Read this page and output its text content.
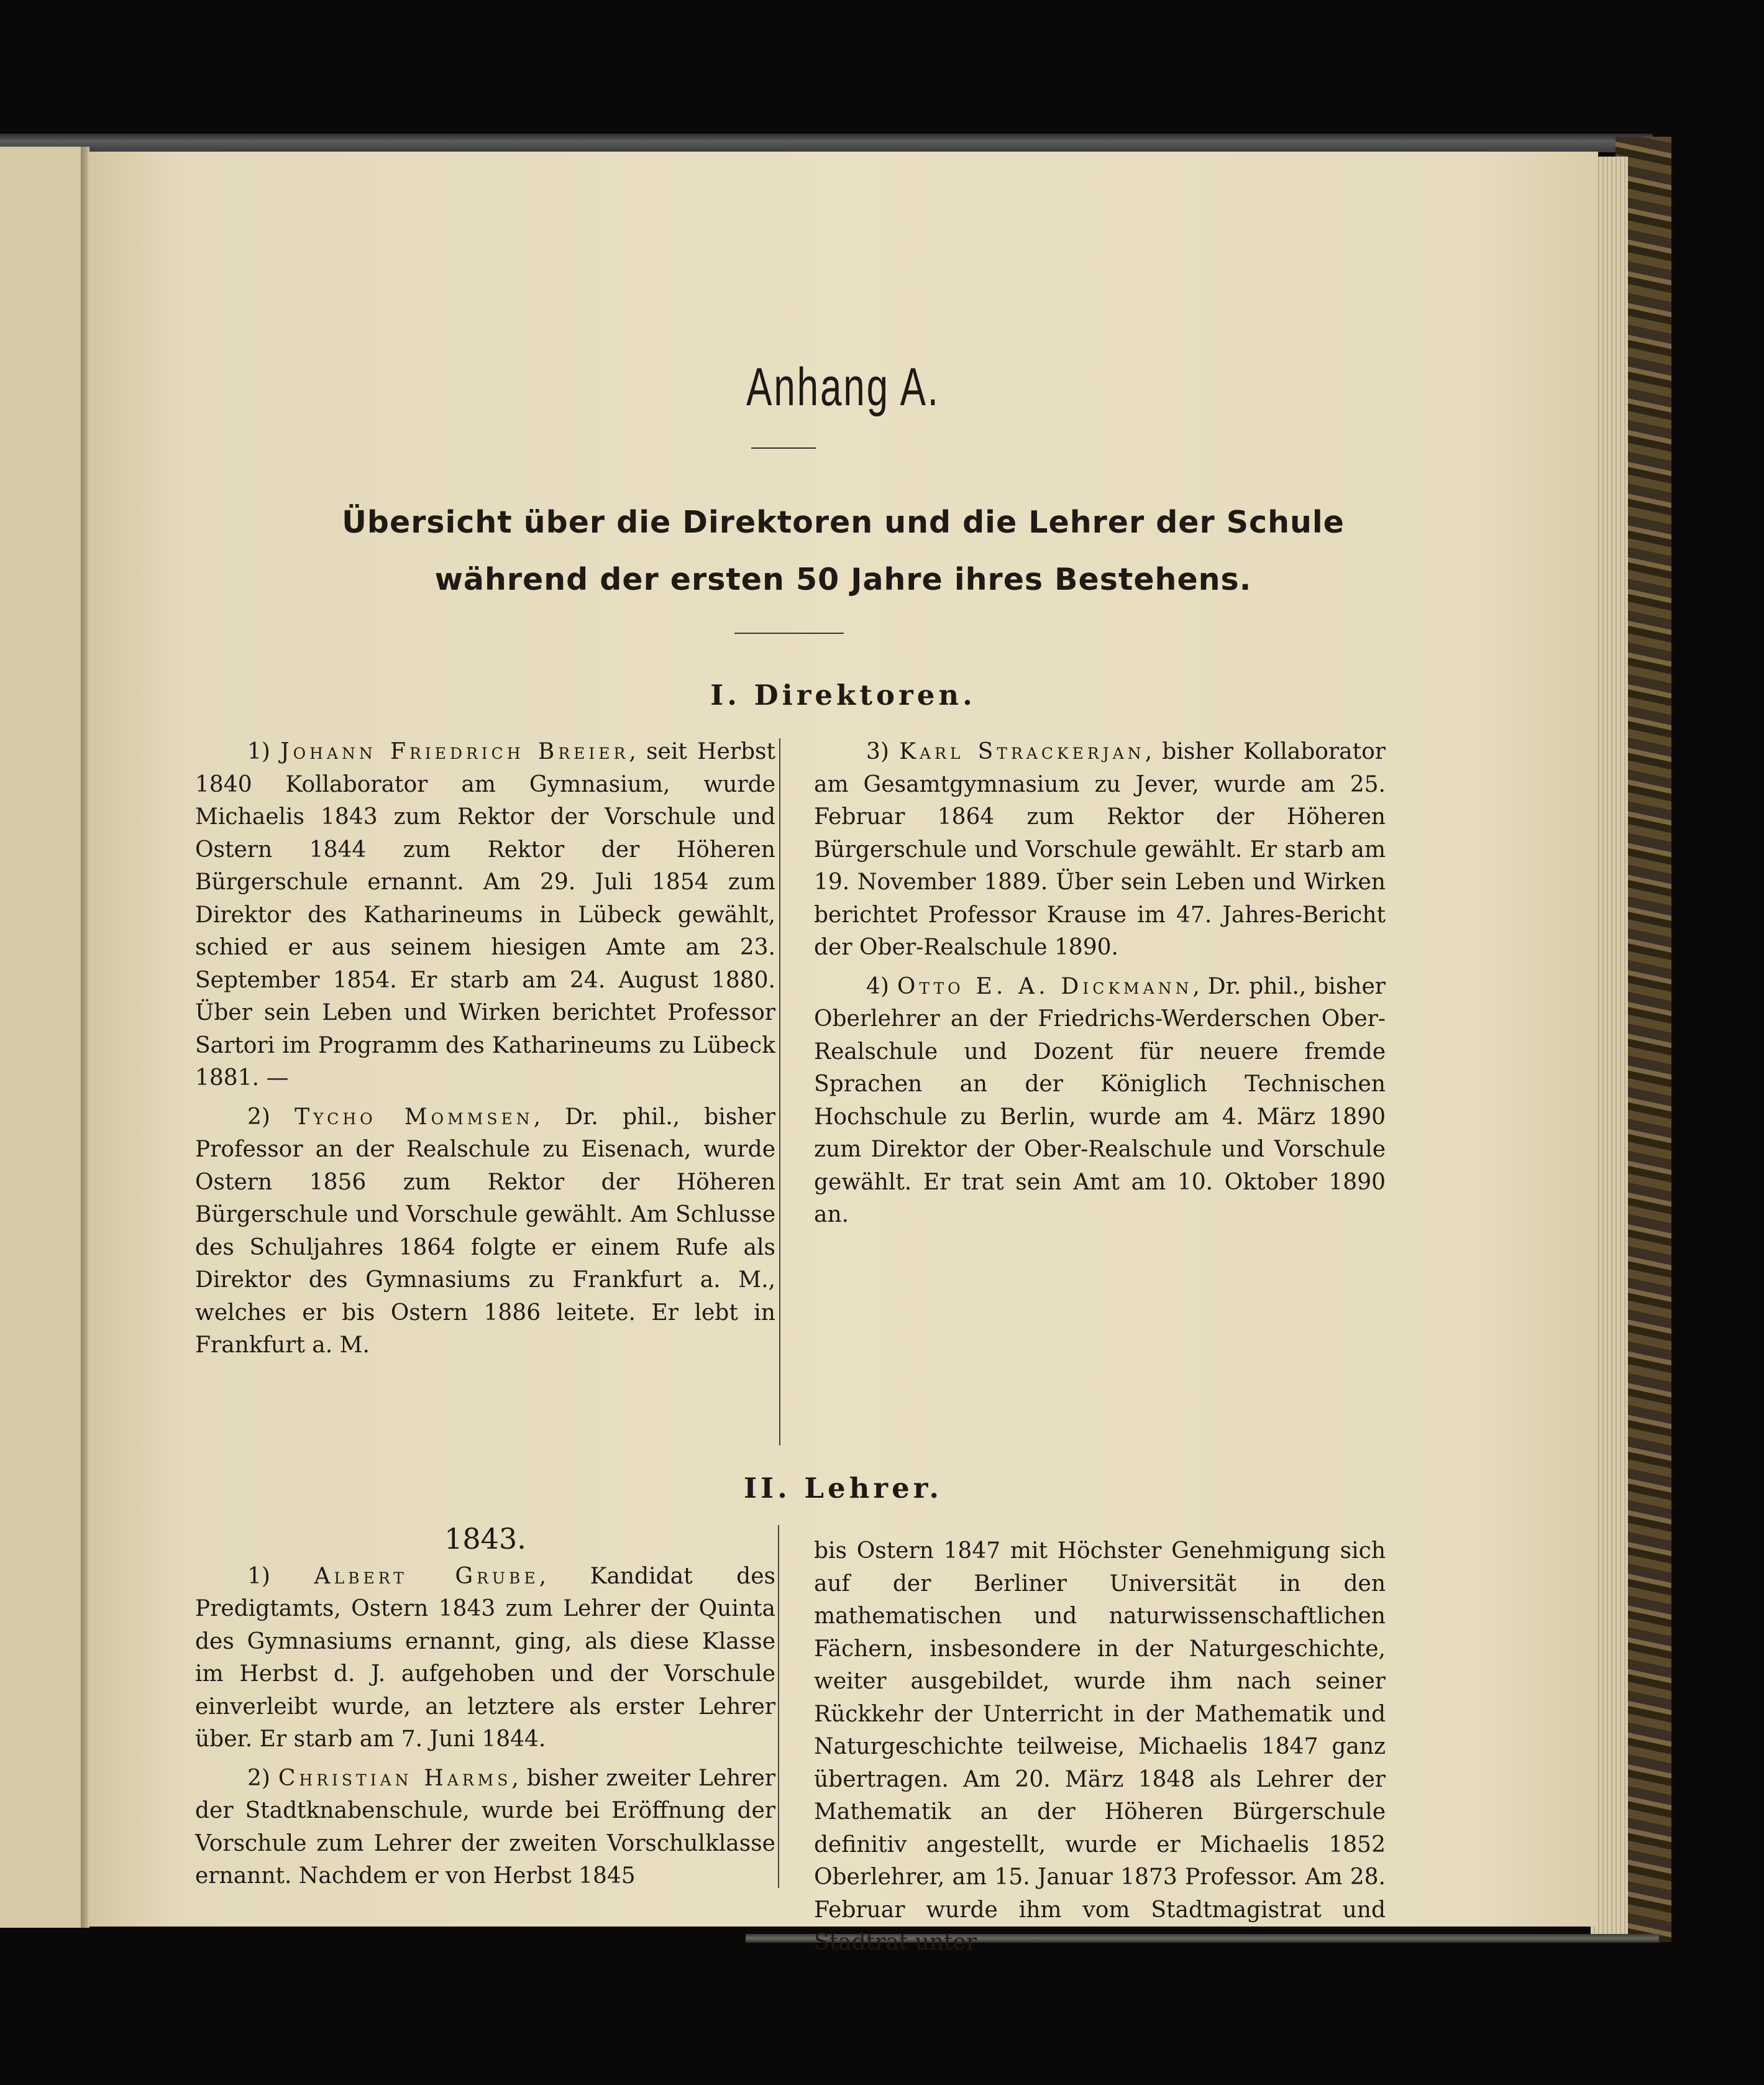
Anhang A.
Übersicht über die Direktoren und die Lehrer der Schule
während der ersten 50 Jahre ihres Bestehens.
I. Direktoren.

1) Johann Friedrich Breier, seit Herbst 1840 Kollaborator am Gymnasium, wurde Michaelis 1843 zum Rektor der Vorschule und Ostern 1844 zum Rektor der Höheren Bürgerschule ernannt. Am 29. Juli 1854 zum Direktor des Katharineums in Lübeck gewählt, schied er aus seinem hiesigen Amte am 23. September 1854. Er starb am 24. August 1880. Über sein Leben und Wirken berichtet Professor Sartori im Programm des Katharineums zu Lübeck 1881. —

2) Tycho Mommsen, Dr. phil., bisher Professor an der Realschule zu Eisenach, wurde Ostern 1856 zum Rektor der Höheren Bürgerschule und Vorschule gewählt. Am Schlusse des Schuljahres 1864 folgte er einem Rufe als Direktor des Gymnasiums zu Frankfurt a. M., welches er bis Ostern 1886 leitete. Er lebt in Frankfurt a. M.

3) Karl Strackerjan, bisher Kollaborator am Gesamtgymnasium zu Jever, wurde am 25. Februar 1864 zum Rektor der Höheren Bürgerschule und Vorschule gewählt. Er starb am 19. November 1889. Über sein Leben und Wirken berichtet Professor Krause im 47. Jahres-Bericht der Ober-Realschule 1890.

4) Otto E. A. Dickmann, Dr. phil., bisher Oberlehrer an der Friedrichs-Werderschen Ober-Realschule und Dozent für neuere fremde Sprachen an der Königlich Technischen Hochschule zu Berlin, wurde am 4. März 1890 zum Direktor der Ober-Realschule und Vorschule gewählt. Er trat sein Amt am 10. Oktober 1890 an.

II. Lehrer.
1843.

1) Albert Grube, Kandidat des Predigtamts, Ostern 1843 zum Lehrer der Quinta des Gymnasiums ernannt, ging, als diese Klasse im Herbst d. J. aufgehoben und der Vorschule einverleibt wurde, an letztere als erster Lehrer über. Er starb am 7. Juni 1844.

2) Christian Harms, bisher zweiter Lehrer der Stadtknabenschule, wurde bei Eröffnung der Vorschule zum Lehrer der zweiten Vorschulklasse ernannt. Nachdem er von Herbst 1845

bis Ostern 1847 mit Höchster Genehmigung sich auf der Berliner Universität in den mathematischen und naturwissenschaftlichen Fächern, insbesondere in der Naturgeschichte, weiter ausgebildet, wurde ihm nach seiner Rückkehr der Unterricht in der Mathematik und Naturgeschichte teilweise, Michaelis 1847 ganz übertragen. Am 20. März 1848 als Lehrer der Mathematik an der Höheren Bürgerschule definitiv angestellt, wurde er Michaelis 1852 Oberlehrer, am 15. Januar 1873 Professor. Am 28. Februar wurde ihm vom Stadtmagistrat und Stadtrat unter
